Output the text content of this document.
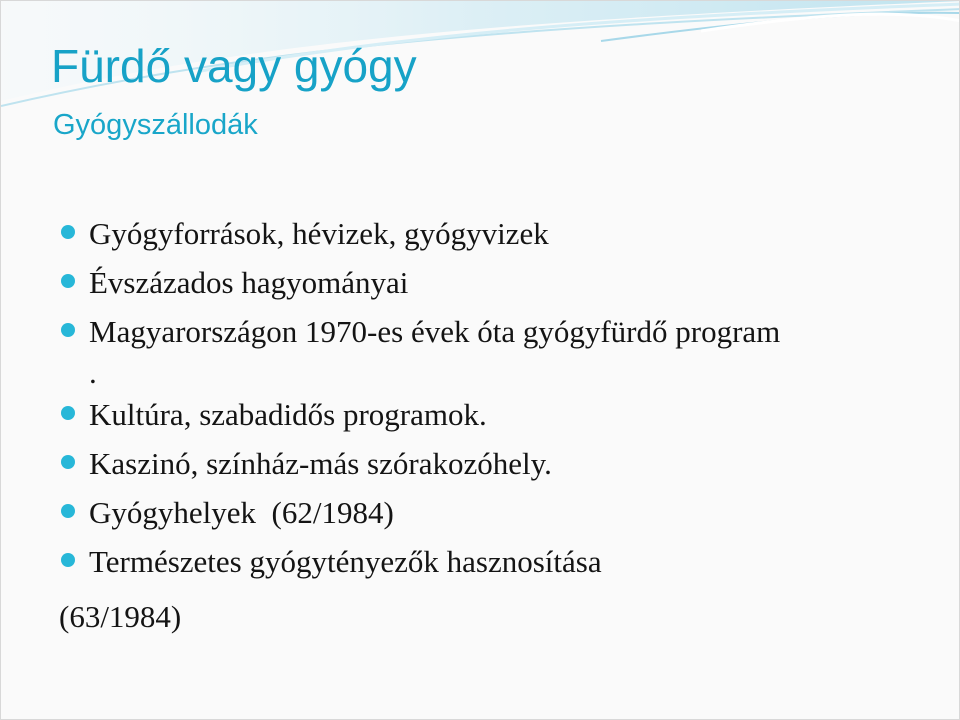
Fürdő vagy gyógy
Gyógyszállodák
Gyógyforrások, hévizek, gyógyvizek
Évszázados hagyományai
Magyarországon 1970-es évek óta gyógyfürdő program
.
Kultúra, szabadidős programok.
Kaszinó, színház-más szórakozóhely.
Gyógyhelyek  (62/1984)
Természetes gyógytényezők hasznosítása
(63/1984)
